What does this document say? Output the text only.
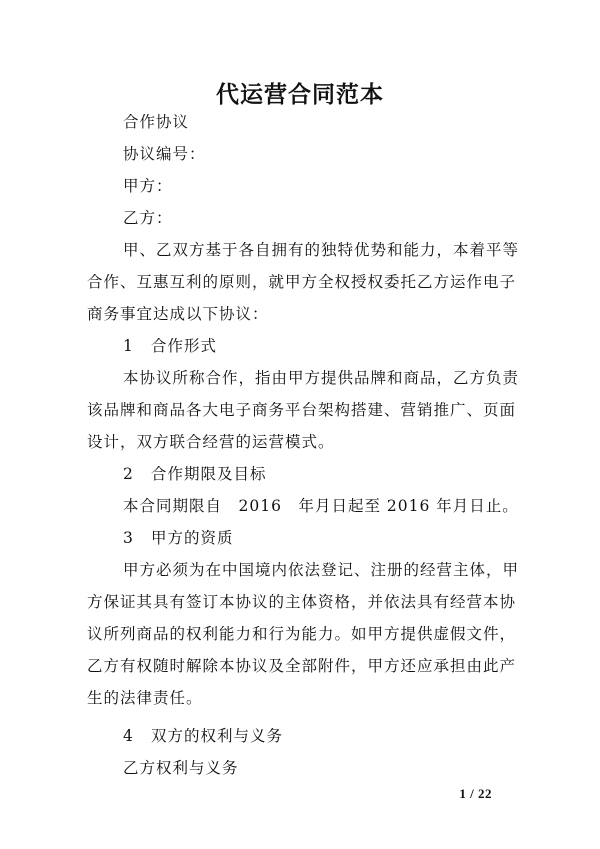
代运营合同范本
合作协议
协议编号：
甲方：
乙方：
甲、乙双方基于各自拥有的独特优势和能力，本着平等
合作、互惠互利的原则，就甲方全权授权委托乙方运作电子
商务事宜达成以下协议：
1 合作形式
本协议所称合作，指由甲方提供品牌和商品，乙方负责
该品牌和商品各大电子商务平台架构搭建、营销推广、页面
设计，双方联合经营的运营模式。
2 合作期限及目标
本合同期限自　2016　年月日起至 2016 年月日止。
3 甲方的资质
甲方必须为在中国境内依法登记、注册的经营主体，甲
方保证其具有签订本协议的主体资格，并依法具有经营本协
议所列商品的权利能力和行为能力。如甲方提供虚假文件，
乙方有权随时解除本协议及全部附件，甲方还应承担由此产
生的法律责任。
4 双方的权利与义务
乙方权利与义务
1 / 22
